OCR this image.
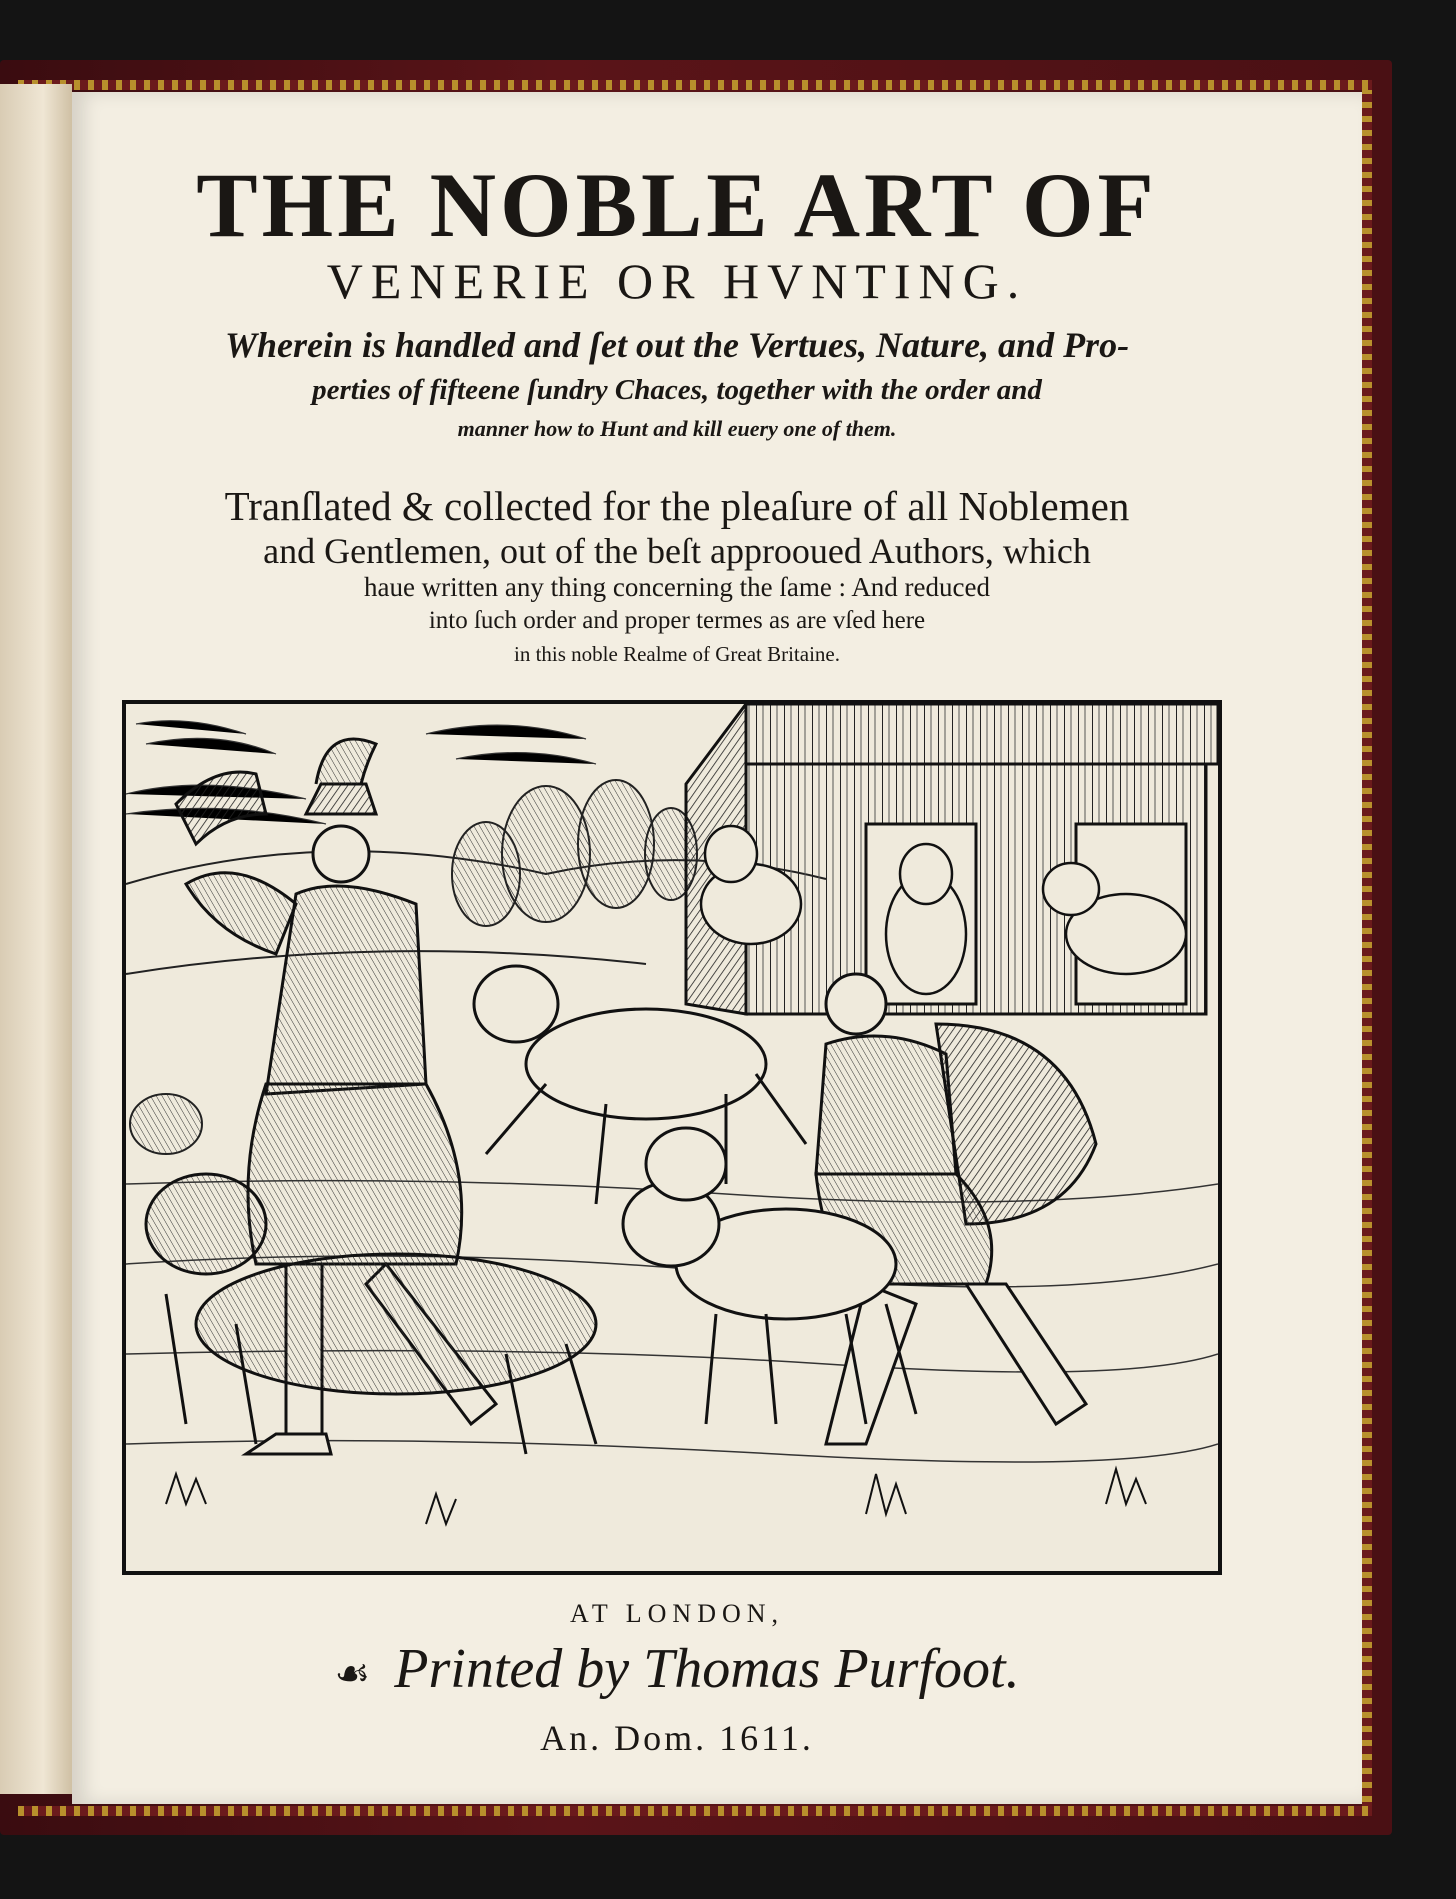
THE NOBLE ART OF
VENERIE OR HVNTING.
Wherein is handled and ſet out the Vertues, Nature, and Pro-
perties of fifteene ſundry Chaces, together with the order and
manner how to Hunt and kill euery one of them.
Tranſlated & collected for the pleaſure of all Noblemen
and Gentlemen, out of the beſt approoued Authors, which
haue written any thing concerning the ſame : And reduced
into ſuch order and proper termes as are vſed here
in this noble Realme of Great Britaine.
AT LONDON,
☙ Printed by Thomas Purfoot.
An. Dom. 1611.
